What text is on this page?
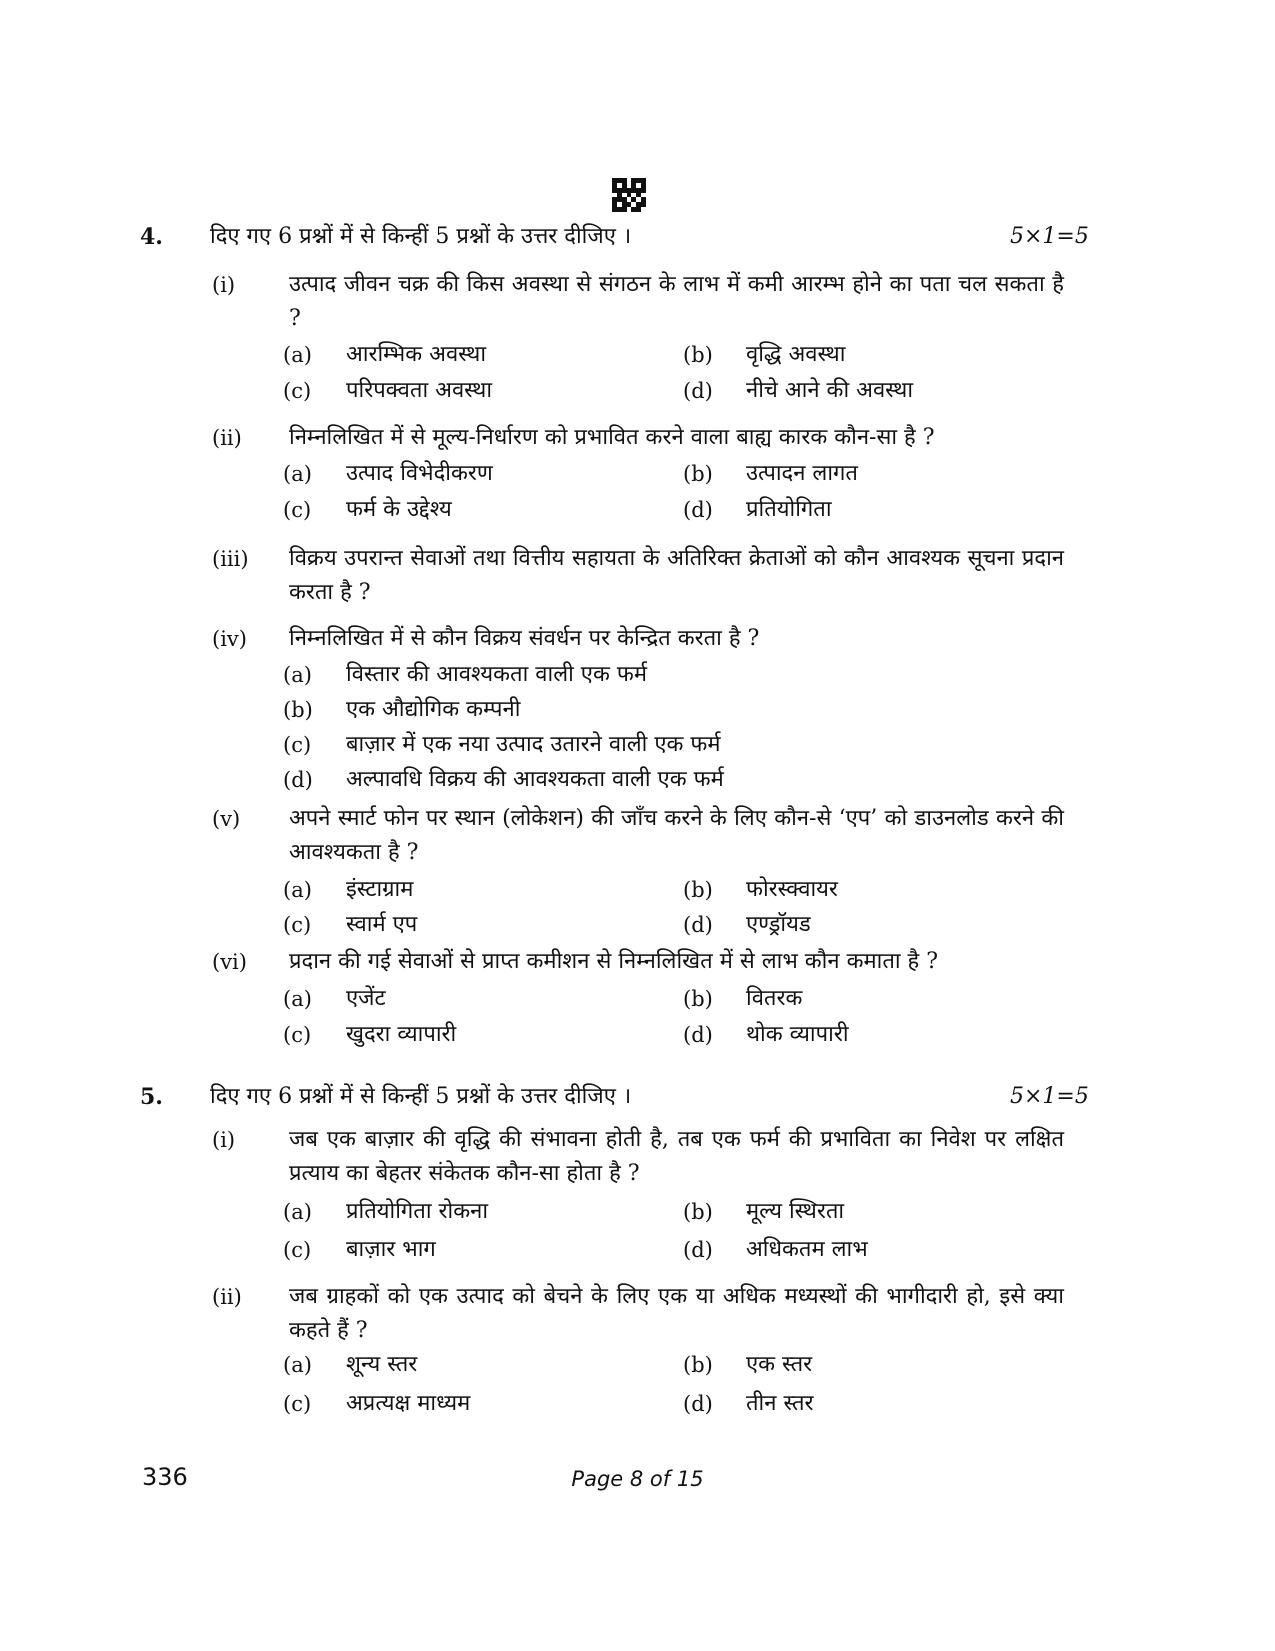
4. दिए गए 6 प्रश्नों में से किन्हीं 5 प्रश्नों के उत्तर दीजिए ।	5×1=5
(i) उत्पाद जीवन चक्र की किस अवस्था से संगठन के लाभ में कमी आरम्भ होने का पता चल सकता है ?
(a) आरम्भिक अवस्था	(b) वृद्धि अवस्था
(c) परिपक्वता अवस्था	(d) नीचे आने की अवस्था
(ii) निम्नलिखित में से मूल्य-निर्धारण को प्रभावित करने वाला बाह्य कारक कौन-सा है ?
(a) उत्पाद विभेदीकरण	(b) उत्पादन लागत
(c) फर्म के उद्देश्य	(d) प्रतियोगिता
(iii) विक्रय उपरान्त सेवाओं तथा वित्तीय सहायता के अतिरिक्त क्रेताओं को कौन आवश्यक सूचना प्रदान करता है ?
(iv) निम्नलिखित में से कौन विक्रय संवर्धन पर केन्द्रित करता है ?
(a) विस्तार की आवश्यकता वाली एक फर्म
(b) एक औद्योगिक कम्पनी
(c) बाज़ार में एक नया उत्पाद उतारने वाली एक फर्म
(d) अल्पावधि विक्रय की आवश्यकता वाली एक फर्म
(v) अपने स्मार्ट फोन पर स्थान (लोकेशन) की जाँच करने के लिए कौन-से ‘एप’ को डाउनलोड करने की आवश्यकता है ?
(a) इंस्टाग्राम	(b) फोरस्क्वायर
(c) स्वार्म एप	(d) एण्ड्रॉयड
(vi) प्रदान की गई सेवाओं से प्राप्त कमीशन से निम्नलिखित में से लाभ कौन कमाता है ?
(a) एजेंट	(b) वितरक
(c) खुदरा व्यापारी	(d) थोक व्यापारी
5. दिए गए 6 प्रश्नों में से किन्हीं 5 प्रश्नों के उत्तर दीजिए ।	5×1=5
(i) जब एक बाज़ार की वृद्धि की संभावना होती है, तब एक फर्म की प्रभाविता का निवेश पर लक्षित प्रत्याय का बेहतर संकेतक कौन-सा होता है ?
(a) प्रतियोगिता रोकना	(b) मूल्य स्थिरता
(c) बाज़ार भाग	(d) अधिकतम लाभ
(ii) जब ग्राहकों को एक उत्पाद को बेचने के लिए एक या अधिक मध्यस्थों की भागीदारी हो, इसे क्या कहते हैं ?
(a) शून्य स्तर	(b) एक स्तर
(c) अप्रत्यक्ष माध्यम	(d) तीन स्तर
336	Page 8 of 15
